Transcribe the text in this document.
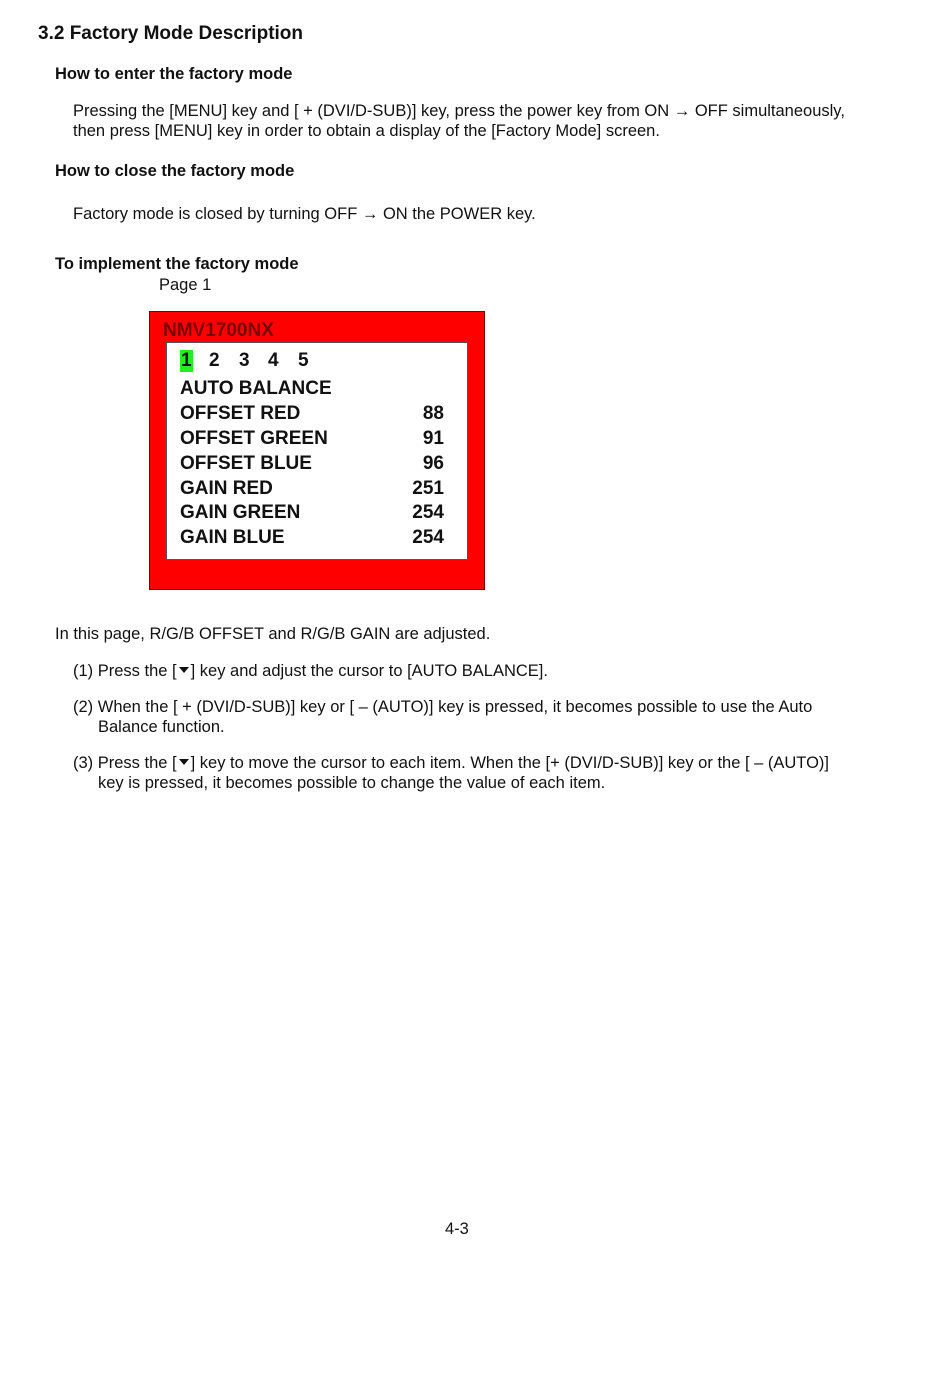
3.2 Factory Mode Description
How to enter the factory mode
Pressing the [MENU] key and [ + (DVI/D-SUB)] key, press the power key from ON → OFF simultaneously,
then press [MENU] key in order to obtain a display of the [Factory Mode] screen.
How to close the factory mode
Factory mode is closed by turning OFF → ON the POWER key.
To implement the factory mode
Page 1
NMV1700NX
1 2 3 4 5
AUTO BALANCE
OFFSET RED	88
OFFSET GREEN	91
OFFSET BLUE	96
GAIN RED	251
GAIN GREEN	254
GAIN BLUE	254
In this page, R/G/B OFFSET and R/G/B GAIN are adjusted.
(1) Press the [ ] key and adjust the cursor to [AUTO BALANCE].
(2) When the [ + (DVI/D-SUB)] key or [ – (AUTO)] key is pressed, it becomes possible to use the Auto
Balance function.
(3) Press the [ ] key to move the cursor to each item. When the [+ (DVI/D-SUB)] key or the [ – (AUTO)]
key is pressed, it becomes possible to change the value of each item.
4-3
